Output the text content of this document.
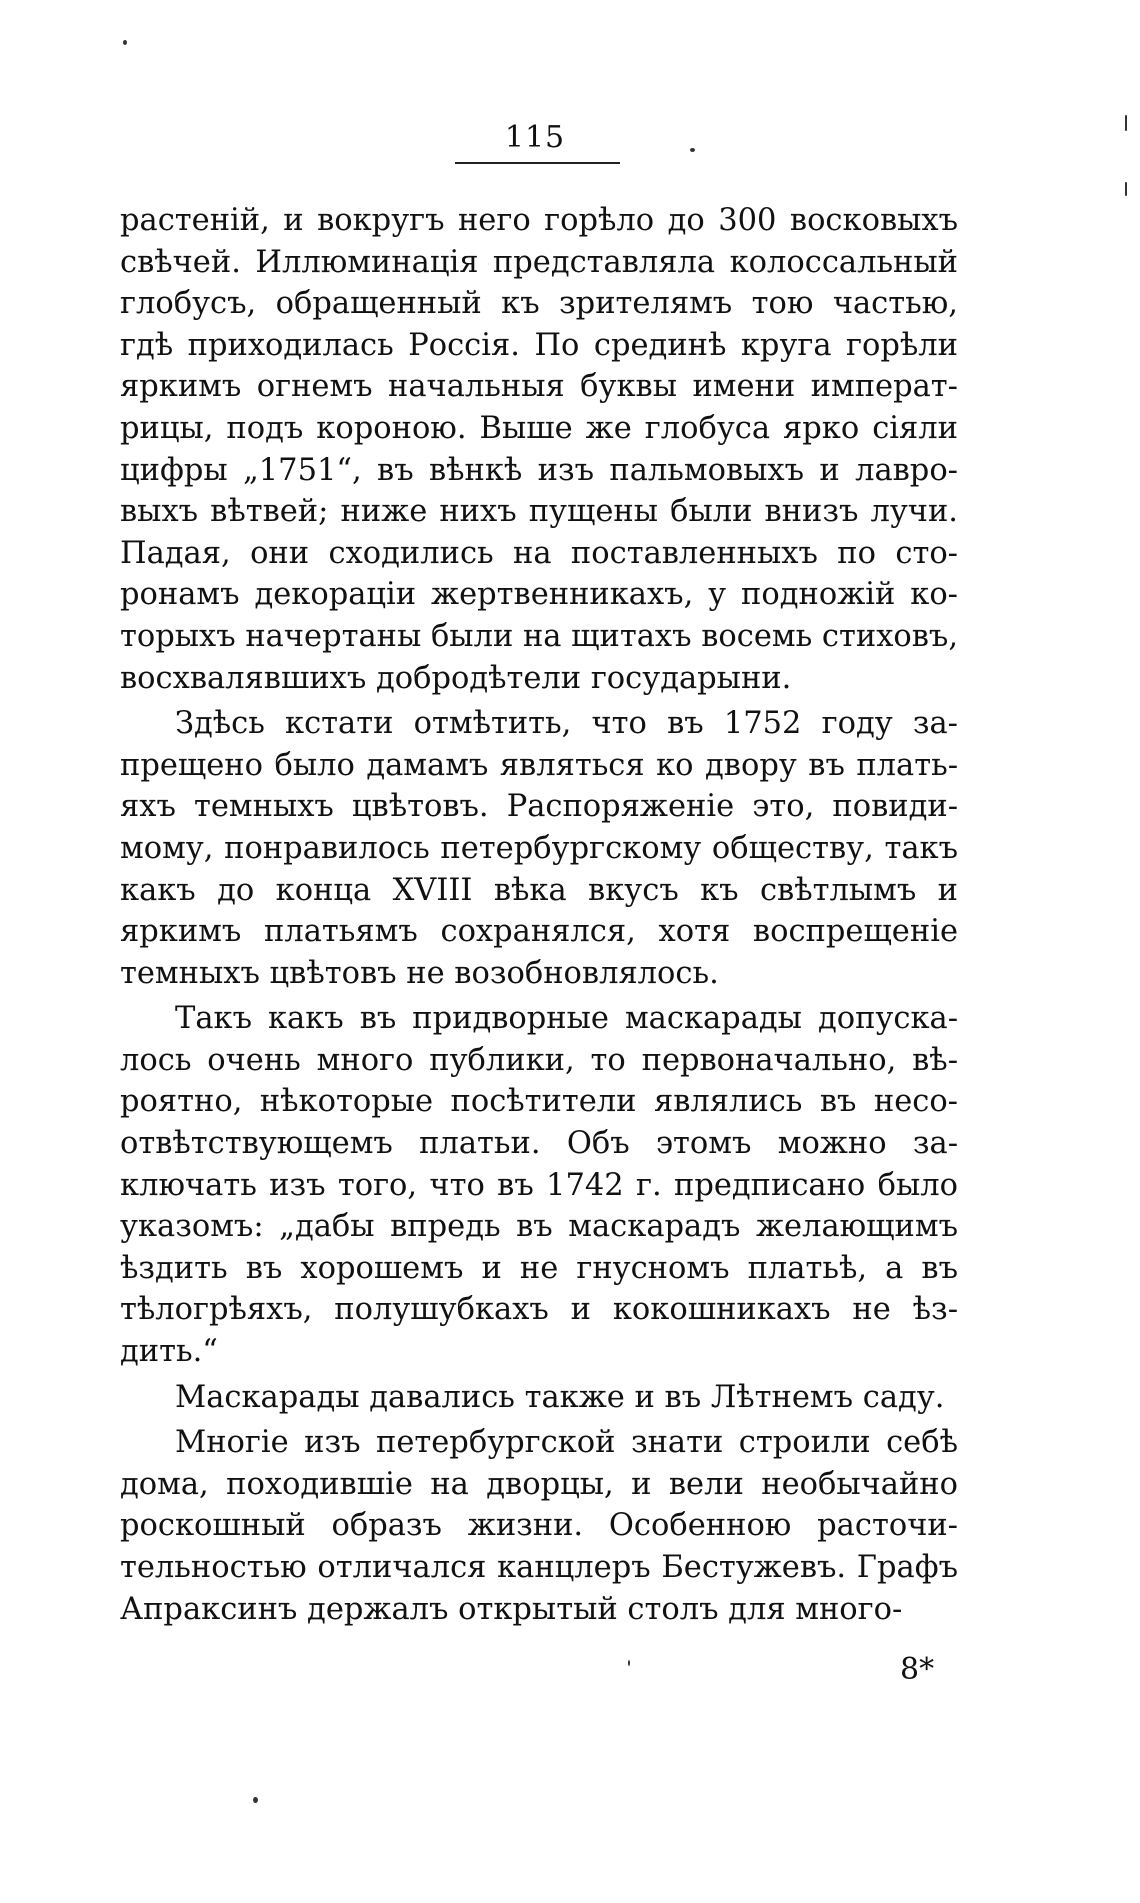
115
растеній, и вокругъ него горѣло до 300 восковыхъ
свѣчей. Иллюминація представляла колоссальный
глобусъ, обращенный къ зрителямъ тою частью,
гдѣ приходилась Россія. По срединѣ круга горѣли
яркимъ огнемъ начальныя буквы имени императ-
рицы, подъ короною. Выше же глобуса ярко сіяли
цифры „1751“, въ вѣнкѣ изъ пальмовыхъ и лавро-
выхъ вѣтвей; ниже нихъ пущены были внизъ лучи.
Падая, они сходились на поставленныхъ по сто-
ронамъ декораціи жертвенникахъ, у подножій ко-
торыхъ начертаны были на щитахъ восемь стиховъ,
восхвалявшихъ добродѣтели государыни.
Здѣсь кстати отмѣтить, что въ 1752 году за-
прещено было дамамъ являться ко двору въ плать-
яхъ темныхъ цвѣтовъ. Распоряженіе это, повиди-
мому, понравилось петербургскому обществу, такъ
какъ до конца XVIII вѣка вкусъ къ свѣтлымъ и
яркимъ платьямъ сохранялся, хотя воспрещеніе
темныхъ цвѣтовъ не возобновлялось.
Такъ какъ въ придворные маскарады допуска-
лось очень много публики, то первоначально, вѣ-
роятно, нѣкоторые посѣтители являлись въ несо-
отвѣтствующемъ платьи. Объ этомъ можно за-
ключать изъ того, что въ 1742 г. предписано было
указомъ: „дабы впредь въ маскарадъ желающимъ
ѣздить въ хорошемъ и не гнусномъ платьѣ, а въ
тѣлогрѣяхъ, полушубкахъ и кокошникахъ не ѣз-
дить.“
Маскарады давались также и въ Лѣтнемъ саду.
Многіе изъ петербургской знати строили себѣ
дома, походившіе на дворцы, и вели необычайно
роскошный образъ жизни. Особенною расточи-
тельностью отличался канцлеръ Бестужевъ. Графъ
Апраксинъ держалъ открытый столъ для много-
8*
